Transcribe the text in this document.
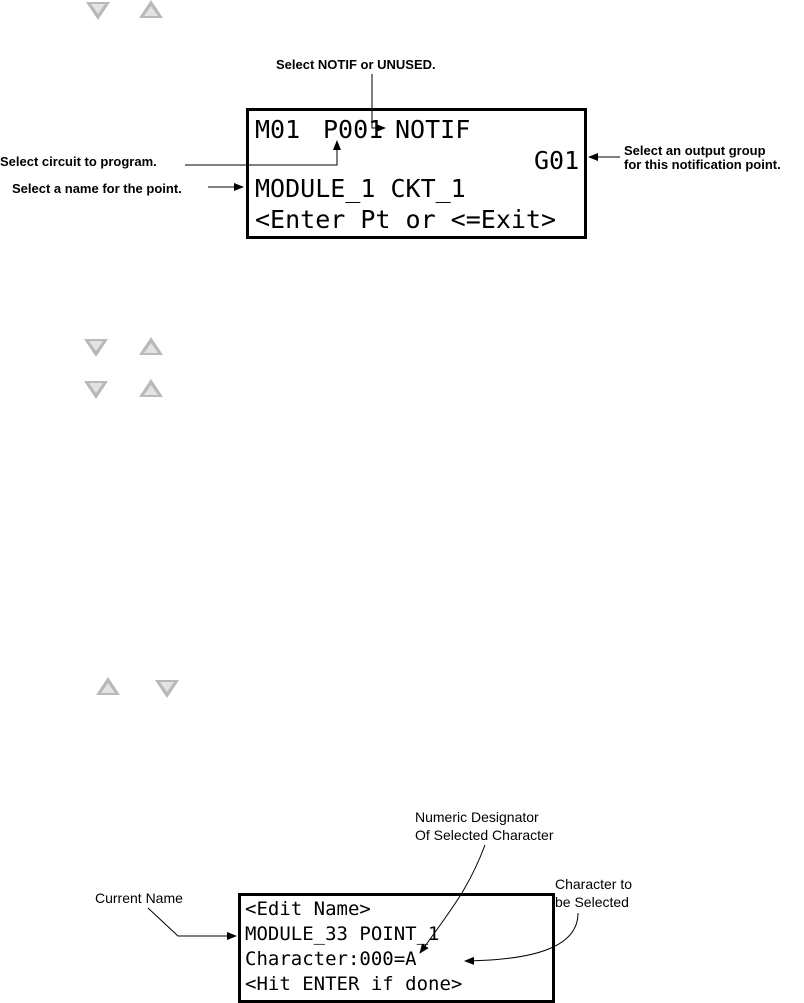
Select NOTIF or UNUSED.
M01 P001 NOTIF
G01
MODULE_1 CKT_1
<Enter Pt or <=Exit>
Select circuit to program.
Select a name for the point.
Select an output group
for this notification point.
Numeric Designator
Of Selected Character
Character to
be Selected
Current Name	<Edit Name>
MODULE_33 POINT_1
Character:000=A
<Hit ENTER if done>
